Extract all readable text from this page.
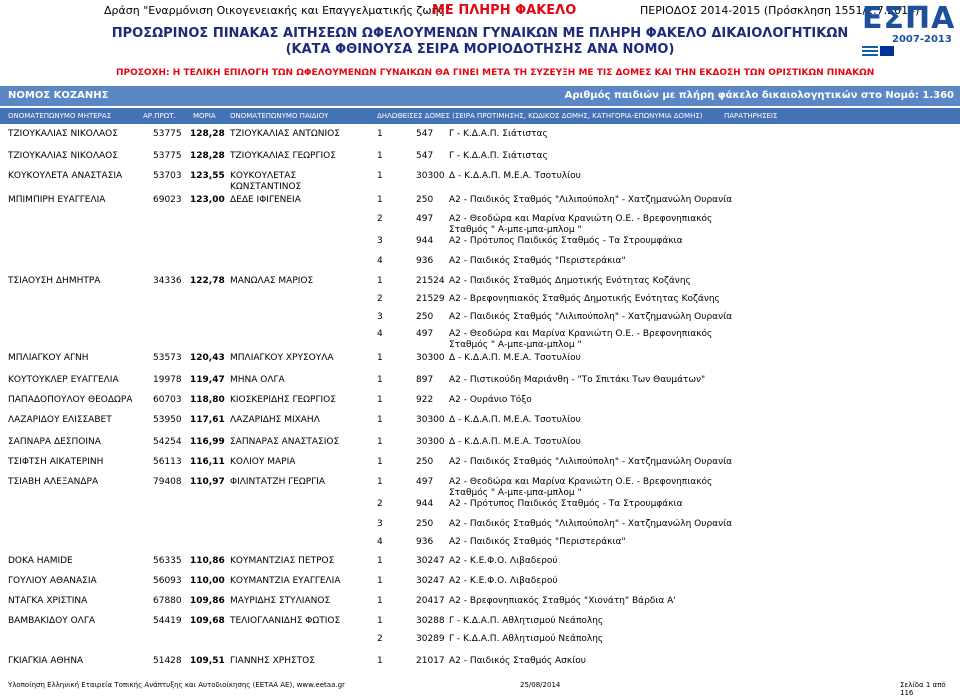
Δράση "Εναρμόνιση Οικογενειακής και Επαγγελματικής ζωής"
ΜΕ ΠΛΗΡΗ ΦΑΚΕΛΟ	ΠΕΡΙΟΔΟΣ 2014-2015 (Πρόσκληση 1551/2.7.2014)
ΕΣΠΑ
2007-2013
ΠΡΟΣΩΡΙΝΟΣ ΠΙΝΑΚΑΣ ΑΙΤΗΣΕΩΝ ΩΦΕΛΟΥΜΕΝΩΝ ΓΥΝΑΙΚΩΝ ΜΕ ΠΛΗΡΗ ΦΑΚΕΛΟ ΔΙΚΑΙΟΛΟΓΗΤΙΚΩΝ
(ΚΑΤΑ ΦΘΙΝΟΥΣΑ ΣΕΙΡΑ ΜΟΡΙΟΔΟΤΗΣΗΣ ΑΝΑ ΝΟΜΟ)
ΠΡΟΣΟΧΗ: Η ΤΕΛΙΚΗ ΕΠΙΛΟΓΗ ΤΩΝ ΩΦΕΛΟΥΜΕΝΩΝ ΓΥΝΑΙΚΩΝ ΘΑ ΓΙΝΕΙ ΜΕΤΑ ΤΗ ΣΥΖΕΥΞΗ ΜΕ ΤΙΣ ΔΟΜΕΣ ΚΑΙ ΤΗΝ ΕΚΔΟΣΗ ΤΩΝ ΟΡΙΣΤΙΚΩΝ ΠΙΝΑΚΩΝ
ΝΟΜΟΣ ΚΟΖΑΝΗΣ	Αριθμός παιδιών με πλήρη φάκελο δικαιολογητικών στο Νομό: 1.360
ΟΝΟΜΑΤΕΠΩΝΥΜΟ ΜΗΤΕΡΑΣ	ΑΡ.ΠΡΩΤ. ΜΟΡΙΑ ΟΝΟΜΑΤΕΠΩΝΥΜΟ ΠΑΙΔΙΟΥ	ΔΗΛΩΘΕΙΣΕΣ ΔΟΜΕΣ (ΣΕΙΡΑ ΠΡΟΤΙΜΗΣΗΣ, ΚΩΔΙΚΟΣ ΔΟΜΗΣ, ΚΑΤΗΓΟΡΙΑ-ΕΠΩΝΥΜΙΑ ΔΟΜΗΣ)	ΠΑΡΑΤΗΡΗΣΕΙΣ
ΤΖΙΟΥΚΑΛΙΑΣ ΝΙΚΟΛΑΟΣ	53775 128,28 ΤΖΙΟΥΚΑΛΙΑΣ ΑΝΤΩΝΙΟΣ	1	547 Γ - Κ.Δ.Α.Π. Σιάτιστας
ΤΖΙΟΥΚΑΛΙΑΣ ΝΙΚΟΛΑΟΣ	53775 128,28 ΤΖΙΟΥΚΑΛΙΑΣ ΓΕΩΡΓΙΟΣ	1	547 Γ - Κ.Δ.Α.Π. Σιάτιστας
ΚΟΥΚΟΥΛΕΤΑ ΑΝΑΣΤΑΣΙΑ	53703 123,55 ΚΟΥΚΟΥΛΕΤΑΣ	1	30300 Δ - Κ.Δ.Α.Π. Μ.Ε.Α. Τσοτυλίου
ΚΩΝΣΤΑΝΤΙΝΟΣ
ΜΠΙΜΠΙΡΗ ΕΥΑΓΓΕΛΙΑ	69023 123,00 ΔΕΔΕ ΙΦΙΓΕΝΕΙΑ	1	250 Α2 - Παιδικός Σταθμός "Λιλιπούπολη" - Χατζημανώλη Ουρανία
2	497 Α2 - Θεοδώρα και Μαρίνα Κρανιώτη Ο.Ε. - Βρεφονηπιακός
Σταθμός " Α-μπε-μπα-μπλομ "
3	944 Α2 - Πρότυπος Παιδικός Σταθμός - Τα Στρουμφάκια
4	936 Α2 - Παιδικός Σταθμός "Περιστεράκια"
ΤΣΙΑΟΥΣΗ ΔΗΜΗΤΡΑ	34336 122,78 ΜΑΝΩΛΑΣ ΜΑΡΙΟΣ	1	21524 Α2 - Παιδικός Σταθμός Δημοτικής Ενότητας Κοζάνης
2	21529 Α2 - Βρεφονηπιακός Σταθμός Δημοτικής Ενότητας Κοζάνης
3	250 Α2 - Παιδικός Σταθμός "Λιλιπούπολη" - Χατζημανώλη Ουρανία
4	497 Α2 - Θεοδώρα και Μαρίνα Κρανιώτη Ο.Ε. - Βρεφονηπιακός
Σταθμός " Α-μπε-μπα-μπλομ "
ΜΠΛΙΑΓΚΟΥ ΑΓΝΗ	53573 120,43 ΜΠΛΙΑΓΚΟΥ ΧΡΥΣΟΥΛΑ	1	30300 Δ - Κ.Δ.Α.Π. Μ.Ε.Α. Τσοτυλίου
ΚΟΥΤΟΥΚΛΕΡ ΕΥΑΓΓΕΛΙΑ	19978 119,47 ΜΗΝΑ ΟΛΓΑ	1	897 Α2 - Πιστικούδη Μαριάνθη - "Το Σπιτάκι Των Θαυμάτων"
ΠΑΠΑΔΟΠΟΥΛΟΥ ΘΕΟΔΩΡΑ 60703 118,80 ΚΙΟΣΚΕΡΙΔΗΣ ΓΕΩΡΓΙΟΣ	1	922 Α2 - Ουράνιο Τόξο
ΛΑΖΑΡΙΔΟΥ ΕΛΙΣΣΑΒΕΤ	53950 117,61 ΛΑΖΑΡΙΔΗΣ ΜΙΧΑΗΛ	1	30300 Δ - Κ.Δ.Α.Π. Μ.Ε.Α. Τσοτυλίου
ΣΑΠΝΑΡΑ ΔΕΣΠΟΙΝΑ	54254 116,99 ΣΑΠΝΑΡΑΣ ΑΝΑΣΤΑΣΙΟΣ	1	30300 Δ - Κ.Δ.Α.Π. Μ.Ε.Α. Τσοτυλίου
ΤΣΙΦΤΣΗ ΑΙΚΑΤΕΡΙΝΗ	56113 116,11 ΚΟΛΙΟΥ ΜΑΡΙΑ	1	250 Α2 - Παιδικός Σταθμός "Λιλιπούπολη" - Χατζημανώλη Ουρανία
ΤΣΙΑΒΗ ΑΛΕΞΑΝΔΡΑ	79408 110,97 ΦΙΛΙΝΤΑΤΖΗ ΓΕΩΡΓΙΑ	1	497 Α2 - Θεοδώρα και Μαρίνα Κρανιώτη Ο.Ε. - Βρεφονηπιακός
Σταθμός " Α-μπε-μπα-μπλομ "
2	944 Α2 - Πρότυπος Παιδικός Σταθμός - Τα Στρουμφάκια
3	250 Α2 - Παιδικός Σταθμός "Λιλιπούπολη" - Χατζημανώλη Ουρανία
4	936 Α2 - Παιδικός Σταθμός "Περιστεράκια"
DOKA HAMIDE	56335 110,86 ΚΟΥΜΑΝΤΖΙΑΣ ΠΕΤΡΟΣ	1	30247 Α2 - Κ.Ε.Φ.Ο. Λιβαδερού
ΓΟΥΛΙΟΥ ΑΘΑΝΑΣΙΑ	56093 110,00 ΚΟΥΜΑΝΤΖΙΑ ΕΥΑΓΓΕΛΙΑ	1	30247 Α2 - Κ.Ε.Φ.Ο. Λιβαδερού
ΝΤΑΓΚΑ ΧΡΙΣΤΙΝΑ	67880 109,86 ΜΑΥΡΙΔΗΣ ΣΤΥΛΙΑΝΟΣ	1	20417 Α2 - Βρεφονηπιακός Σταθμός "Χιονάτη" Βάρδια Α'
ΒΑΜΒΑΚΙΔΟΥ ΟΛΓΑ	54419 109,68 ΤΕΛΙΟΓΛΑΝΙΔΗΣ ΦΩΤΙΟΣ	1	30288 Γ - Κ.Δ.Α.Π. Αθλητισμού Νεάπολης
2	30289 Γ - Κ.Δ.Α.Π. Αθλητισμού Νεάπολης
ΓΚΙΑΓΚΙΑ ΑΘΗΝΑ	51428 109,51 ΓΙΑΝΝΗΣ ΧΡΗΣΤΟΣ	1	21017 Α2 - Παιδικός Σταθμός Ασκίου
Υλοποίηση Ελληνική Εταιρεία Τοπικής Ανάπτυξης και Αυτοδιοίκησης (ΕΕΤΑΑ ΑΕ), www.eetaa.gr	25/08/2014	Σελίδα 1 από 116
